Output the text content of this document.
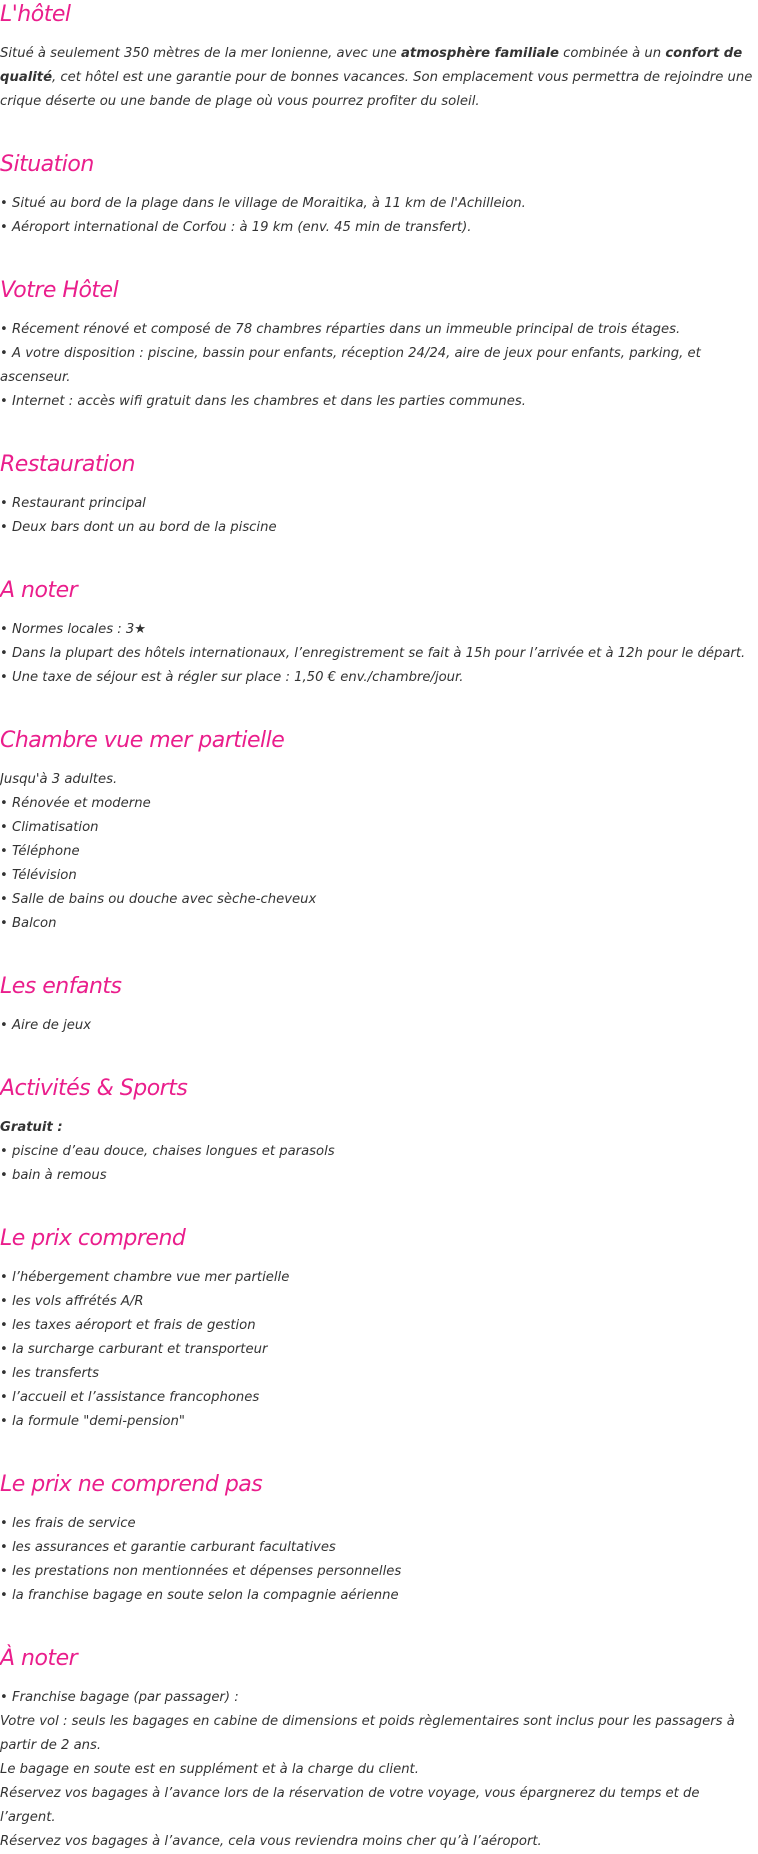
L'hôtel

Situé à seulement 350 mètres de la mer Ionienne, avec une atmosphère familiale combinée à un confort de qualité, cet hôtel est une garantie pour de bonnes vacances. Son emplacement vous permettra de rejoindre une crique déserte ou une bande de plage où vous pourrez profiter du soleil.

Situation

• Situé au bord de la plage dans le village de Moraitika, à 11 km de l'Achilleion.

• Aéroport international de Corfou : à 19 km (env. 45 min de transfert).

Votre Hôtel

• Récement rénové et composé de 78 chambres réparties dans un immeuble principal de trois étages.

• A votre disposition : piscine, bassin pour enfants, réception 24/24, aire de jeux pour enfants, parking, et ascenseur.

• Internet : accès wifi gratuit dans les chambres et dans les parties communes.

Restauration

• Restaurant principal

• Deux bars dont un au bord de la piscine

A noter

• Normes locales : 3★

• Dans la plupart des hôtels internationaux, l’enregistrement se fait à 15h pour l’arrivée et à 12h pour le départ.

• Une taxe de séjour est à régler sur place : 1,50 € env./chambre/jour.

Chambre vue mer partielle

Jusqu'à 3 adultes.

• Rénovée et moderne

• Climatisation

• Téléphone

• Télévision

• Salle de bains ou douche avec sèche-cheveux

• Balcon

Les enfants

• Aire de jeux

Activités & Sports

Gratuit :

• piscine d’eau douce, chaises longues et parasols

• bain à remous

Le prix comprend

• l’hébergement chambre vue mer partielle

• les vols affrétés A/R

• les taxes aéroport et frais de gestion

• la surcharge carburant et transporteur

• les transferts

• l’accueil et l’assistance francophones

• la formule "demi-pension"

Le prix ne comprend pas

• les frais de service

• les assurances et garantie carburant facultatives

• les prestations non mentionnées et dépenses personnelles

• la franchise bagage en soute selon la compagnie aérienne

À noter

• Franchise bagage (par passager) :

Votre vol : seuls les bagages en cabine de dimensions et poids règlementaires sont inclus pour les passagers à partir de 2 ans.

Le bagage en soute est en supplément et à la charge du client.

Réservez vos bagages à l’avance lors de la réservation de votre voyage, vous épargnerez du temps et de l’argent.

Réservez vos bagages à l’avance, cela vous reviendra moins cher qu’à l’aéroport.
